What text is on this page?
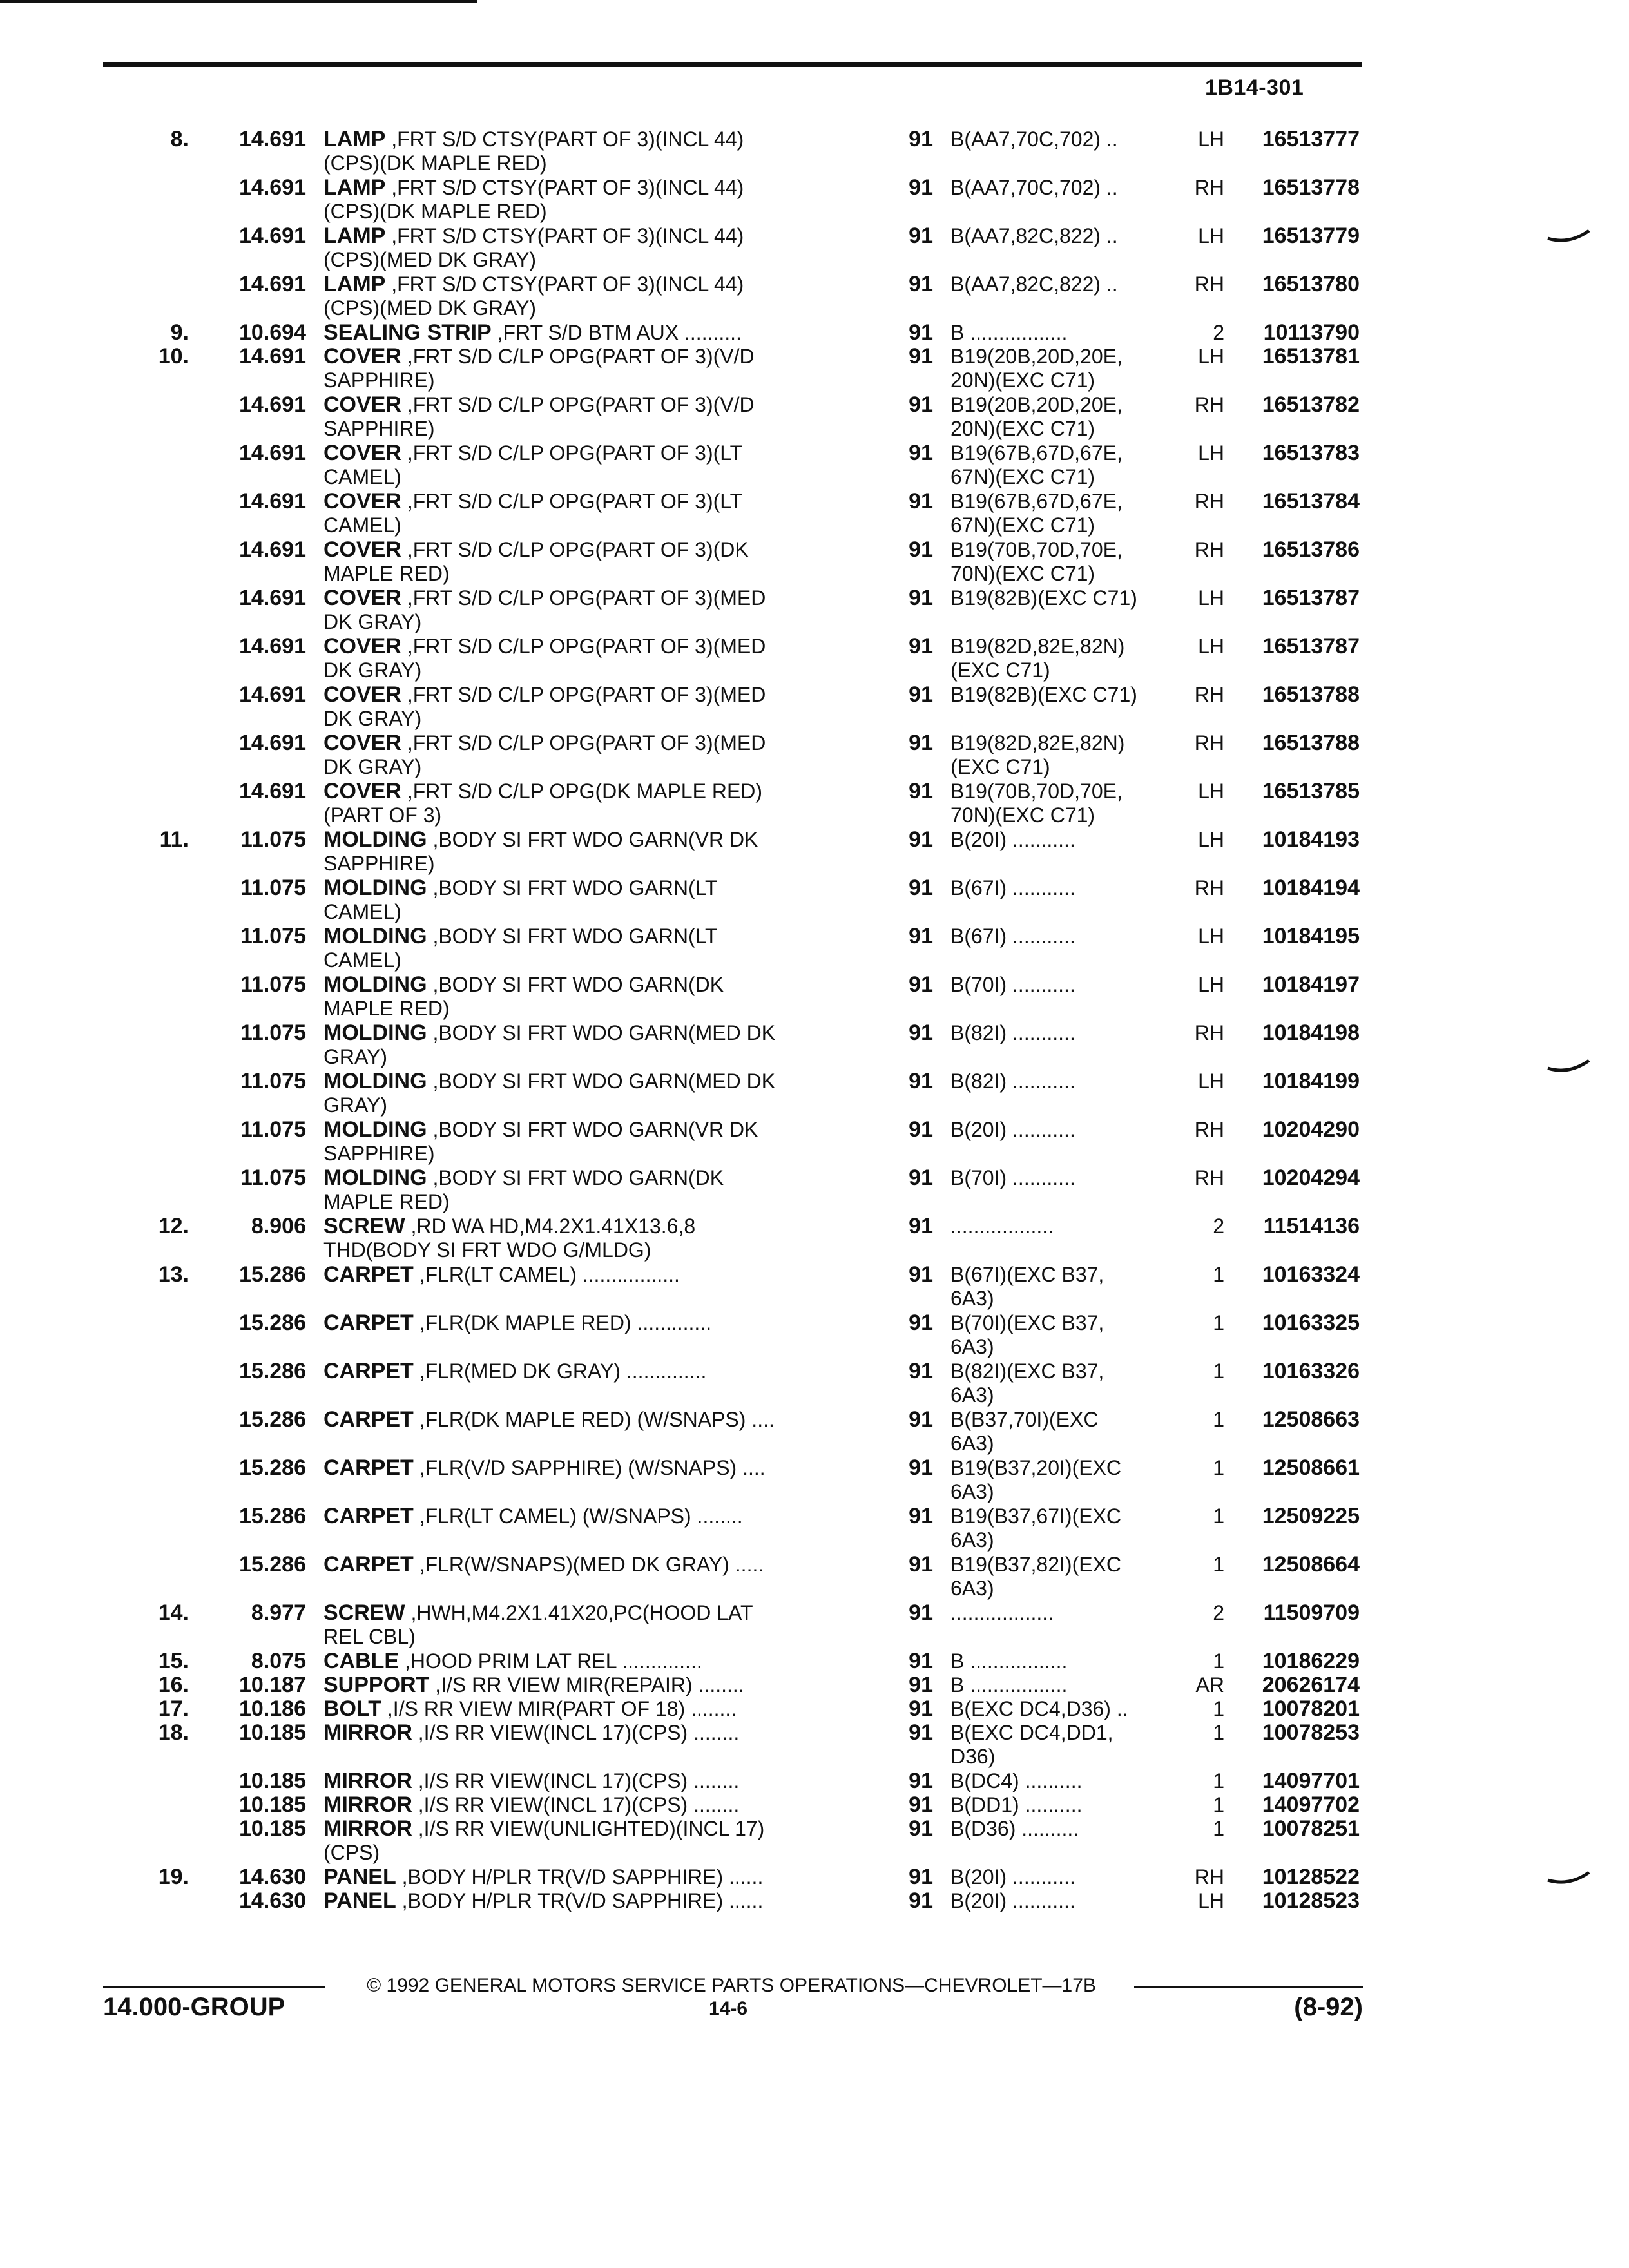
1B14-301
8.	14.691 LAMP ,FRT S/D CTSY(PART OF 3)(INCL 44)
(CPS)(DK MAPLE RED)
91 B(AA7,70C,702) ..	LH	16513777
14.691 LAMP ,FRT S/D CTSY(PART OF 3)(INCL 44)
(CPS)(DK MAPLE RED)
91 B(AA7,70C,702) ..	RH	16513778
14.691 LAMP ,FRT S/D CTSY(PART OF 3)(INCL 44)
(CPS)(MED DK GRAY)
91 B(AA7,82C,822) ..	LH	16513779
14.691 LAMP ,FRT S/D CTSY(PART OF 3)(INCL 44)
(CPS)(MED DK GRAY)
91 B(AA7,82C,822) ..	RH	16513780
9.	10.694 SEALING STRIP ,FRT S/D BTM AUX ..........	91 B .................	2	10113790
10.	14.691 COVER ,FRT S/D C/LP OPG(PART OF 3)(V/D
SAPPHIRE)
91 B19(20B,20D,20E,
20N)(EXC C71)
LH	16513781
14.691 COVER ,FRT S/D C/LP OPG(PART OF 3)(V/D
SAPPHIRE)
91 B19(20B,20D,20E,
20N)(EXC C71)
RH	16513782
14.691 COVER ,FRT S/D C/LP OPG(PART OF 3)(LT
CAMEL)
91 B19(67B,67D,67E,
67N)(EXC C71)
LH	16513783
14.691 COVER ,FRT S/D C/LP OPG(PART OF 3)(LT
CAMEL)
91 B19(67B,67D,67E,
67N)(EXC C71)
RH	16513784
14.691 COVER ,FRT S/D C/LP OPG(PART OF 3)(DK
MAPLE RED)
91 B19(70B,70D,70E,
70N)(EXC C71)
RH	16513786
14.691 COVER ,FRT S/D C/LP OPG(PART OF 3)(MED
DK GRAY)
91 B19(82B)(EXC C71)	LH	16513787
14.691 COVER ,FRT S/D C/LP OPG(PART OF 3)(MED
DK GRAY)
91 B19(82D,82E,82N)
(EXC C71)
LH	16513787
14.691 COVER ,FRT S/D C/LP OPG(PART OF 3)(MED
DK GRAY)
91 B19(82B)(EXC C71)	RH	16513788
14.691 COVER ,FRT S/D C/LP OPG(PART OF 3)(MED
DK GRAY)
91 B19(82D,82E,82N)
(EXC C71)
RH	16513788
14.691 COVER ,FRT S/D C/LP OPG(DK MAPLE RED)
(PART OF 3)
91 B19(70B,70D,70E,
70N)(EXC C71)
LH	16513785
11.	11.075 MOLDING ,BODY SI FRT WDO GARN(VR DK
SAPPHIRE)
91 B(20I) ...........	LH	10184193
11.075 MOLDING ,BODY SI FRT WDO GARN(LT
CAMEL)
91 B(67I) ...........	RH	10184194
11.075 MOLDING ,BODY SI FRT WDO GARN(LT
CAMEL)
91 B(67I) ...........	LH	10184195
11.075 MOLDING ,BODY SI FRT WDO GARN(DK
MAPLE RED)
91 B(70I) ...........	LH	10184197
11.075 MOLDING ,BODY SI FRT WDO GARN(MED DK
GRAY)
91 B(82I) ...........	RH	10184198
11.075 MOLDING ,BODY SI FRT WDO GARN(MED DK
GRAY)
91 B(82I) ...........	LH	10184199
11.075 MOLDING ,BODY SI FRT WDO GARN(VR DK
SAPPHIRE)
91 B(20I) ...........	RH	10204290
11.075 MOLDING ,BODY SI FRT WDO GARN(DK
MAPLE RED)
91 B(70I) ...........	RH	10204294
12.	8.906 SCREW ,RD WA HD,M4.2X1.41X13.6,8
THD(BODY SI FRT WDO G/MLDG)
91 ..................	2	11514136
13.	15.286 CARPET ,FLR(LT CAMEL) .................	91 B(67I)(EXC B37,
6A3)
1	10163324
15.286 CARPET ,FLR(DK MAPLE RED) .............	91 B(70I)(EXC B37,
6A3)
1	10163325
15.286 CARPET ,FLR(MED DK GRAY) ..............	91 B(82I)(EXC B37,
6A3)
1	10163326
15.286 CARPET ,FLR(DK MAPLE RED) (W/SNAPS) ....	91 B(B37,70I)(EXC
6A3)
1	12508663
15.286 CARPET ,FLR(V/D SAPPHIRE) (W/SNAPS) ....	91 B19(B37,20I)(EXC
6A3)
1	12508661
15.286 CARPET ,FLR(LT CAMEL) (W/SNAPS) ........	91 B19(B37,67I)(EXC
6A3)
1	12509225
15.286 CARPET ,FLR(W/SNAPS)(MED DK GRAY) .....	91 B19(B37,82I)(EXC
6A3)
1	12508664
14.	8.977 SCREW ,HWH,M4.2X1.41X20,PC(HOOD LAT
REL CBL)
91 ..................	2	11509709
15.	8.075 CABLE ,HOOD PRIM LAT REL ..............	91 B .................	1	10186229
16.	10.187 SUPPORT ,I/S RR VIEW MIR(REPAIR) ........	91 B .................	AR	20626174
17.	10.186 BOLT ,I/S RR VIEW MIR(PART OF 18) ........	91 B(EXC DC4,D36) ..	1	10078201
18.	10.185 MIRROR ,I/S RR VIEW(INCL 17)(CPS) ........	91 B(EXC DC4,DD1,
D36)
1	10078253
10.185 MIRROR ,I/S RR VIEW(INCL 17)(CPS) ........	91 B(DC4) ..........	1	14097701
10.185 MIRROR ,I/S RR VIEW(INCL 17)(CPS) ........	91 B(DD1) ..........	1	14097702
10.185 MIRROR ,I/S RR VIEW(UNLIGHTED)(INCL 17)
(CPS)
91 B(D36) ..........	1	10078251
19.	14.630 PANEL ,BODY H/PLR TR(V/D SAPPHIRE) ......	91 B(20I) ...........	RH	10128522
14.630 PANEL ,BODY H/PLR TR(V/D SAPPHIRE) ......	91 B(20I) ...........	LH	10128523
© 1992 GENERAL MOTORS SERVICE PARTS OPERATIONS—CHEVROLET—17B
14.000-GROUP	14-6	(8-92)
